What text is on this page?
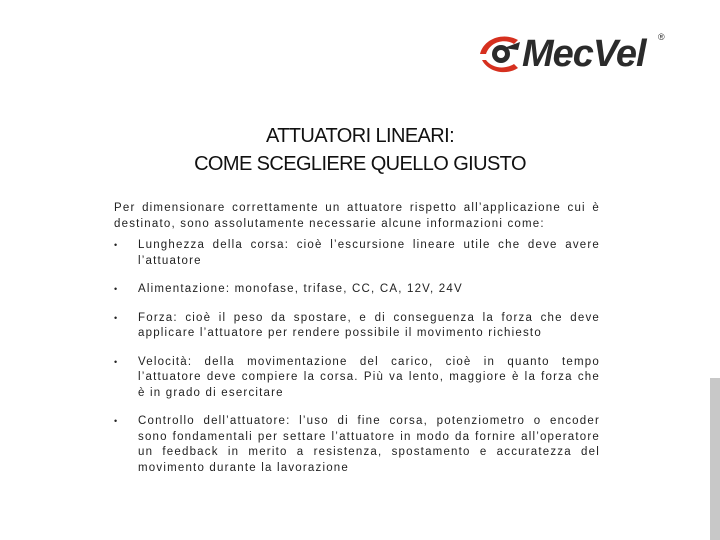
MecVel ®
ATTUATORI LINEARI:
COME SCEGLIERE QUELLO GIUSTO
Per dimensionare correttamente un attuatore rispetto all’applicazione cui è destinato, sono assolutamente necessarie alcune informazioni come:
• Lunghezza della corsa: cioè l’escursione lineare utile che deve avere l’attuatore
• Alimentazione: monofase, trifase, CC, CA, 12V, 24V
• Forza: cioè il peso da spostare, e di conseguenza la forza che deve applicare l’attuatore per rendere possibile il movimento richiesto
• Velocità: della movimentazione del carico, cioè in quanto tempo l’attuatore deve compiere la corsa. Più va lento, maggiore è la forza che è in grado di esercitare
• Controllo dell’attuatore: l’uso di fine corsa, potenziometro o encoder sono fondamentali per settare l’attuatore in modo da fornire all’operatore un feedback in merito a resistenza, spostamento e accuratezza del movimento durante la lavorazione
